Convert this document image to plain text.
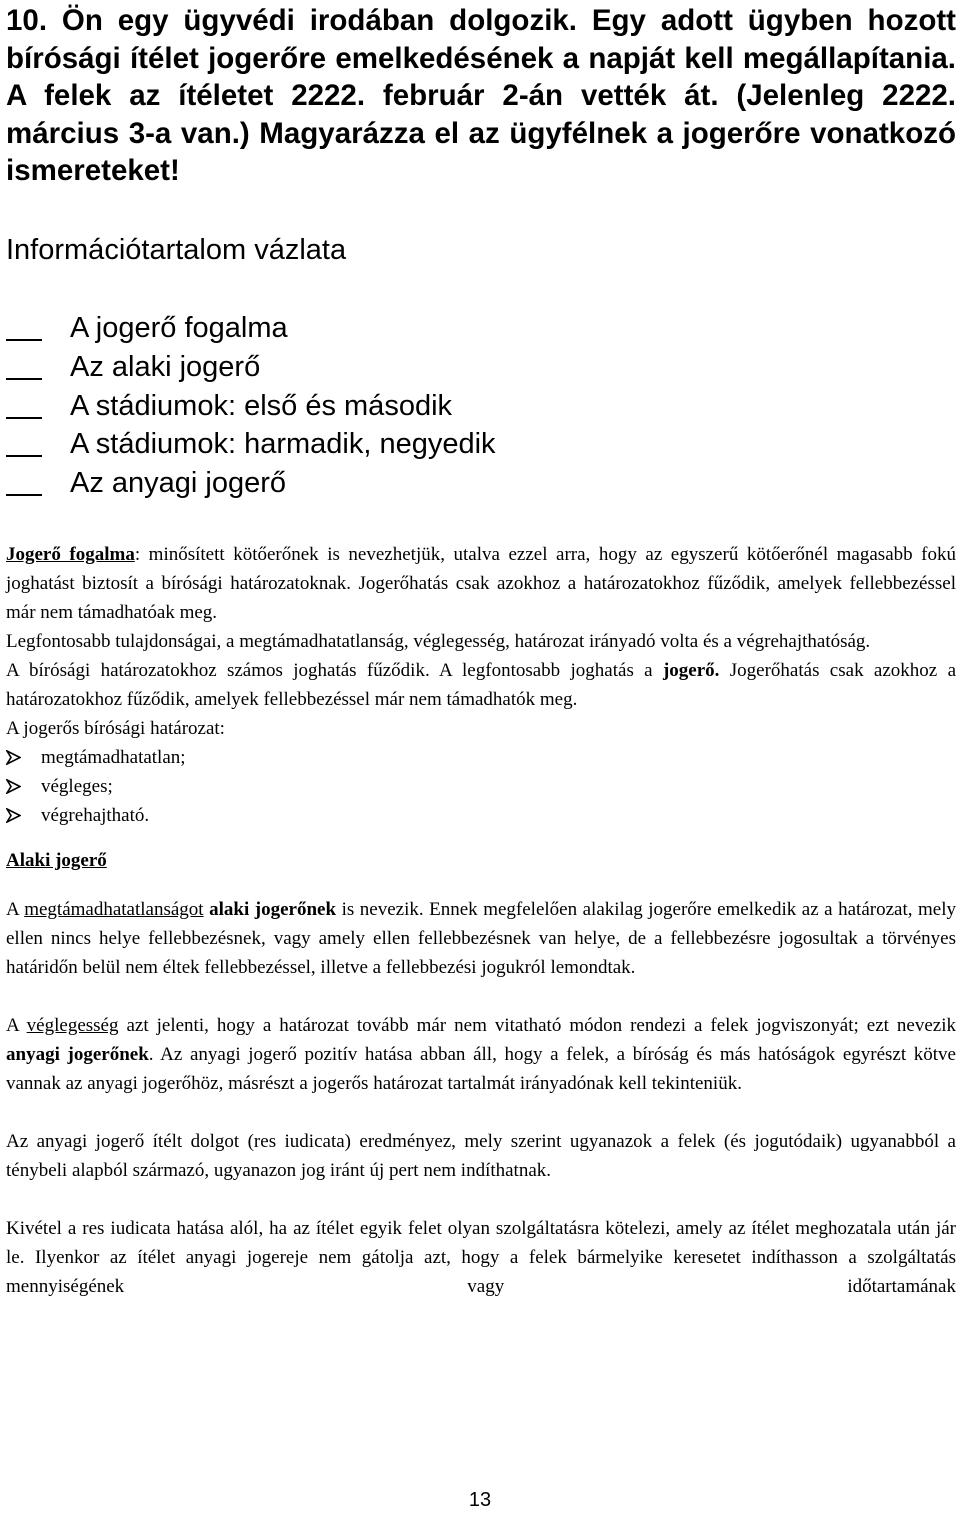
10. Ön egy ügyvédi irodában dolgozik. Egy adott ügyben hozott bírósági ítélet jogerőre emelkedésének a napját kell megállapítania. A felek az ítéletet 2222. február 2-án vették át. (Jelenleg 2222. március 3-a van.) Magyarázza el az ügyfélnek a jogerőre vonatkozó ismereteket!

Információtartalom vázlata

A jogerő fogalma
Az alaki jogerő
A stádiumok: első és második
A stádiumok: harmadik, negyedik
Az anyagi jogerő

Jogerő fogalma: minősített kötőerőnek is nevezhetjük, utalva ezzel arra, hogy az egyszerű kötőerőnél magasabb fokú joghatást biztosít a bírósági határozatoknak. Jogerőhatás csak azokhoz a határozatokhoz fűződik, amelyek fellebbezéssel már nem támadhatóak meg.

Legfontosabb tulajdonságai, a megtámadhatatlanság, véglegesség, határozat irányadó volta és a végrehajthatóság.

A bírósági határozatokhoz számos joghatás fűződik. A legfontosabb joghatás a jogerő. Jogerőhatás csak azokhoz a határozatokhoz fűződik, amelyek fellebbezéssel már nem támadhatók meg.

A jogerős bírósági határozat:

megtámadhatatlan;
végleges;
végrehajtható.

Alaki jogerő

A megtámadhatatlanságot alaki jogerőnek is nevezik. Ennek megfelelően alakilag jogerőre emelkedik az a határozat, mely ellen nincs helye fellebbezésnek, vagy amely ellen fellebbezésnek van helye, de a fellebbezésre jogosultak a törvényes határidőn belül nem éltek fellebbezéssel, illetve a fellebbezési jogukról lemondtak.

A véglegesség azt jelenti, hogy a határozat tovább már nem vitatható módon rendezi a felek jogviszonyát; ezt nevezik anyagi jogerőnek. Az anyagi jogerő pozitív hatása abban áll, hogy a felek, a bíróság és más hatóságok egyrészt kötve vannak az anyagi jogerőhöz, másrészt a jogerős határozat tartalmát irányadónak kell tekinteniük.

Az anyagi jogerő ítélt dolgot (res iudicata) eredményez, mely szerint ugyanazok a felek (és jogutódaik) ugyanabból a ténybeli alapból származó, ugyanazon jog iránt új pert nem indíthatnak.

Kivétel a res iudicata hatása alól, ha az ítélet egyik felet olyan szolgáltatásra kötelezi, amely az ítélet meghozatala után jár le. Ilyenkor az ítélet anyagi jogereje nem gátolja azt, hogy a felek bármelyike keresetet indíthasson a szolgáltatás mennyiségének vagy időtartamának

13
